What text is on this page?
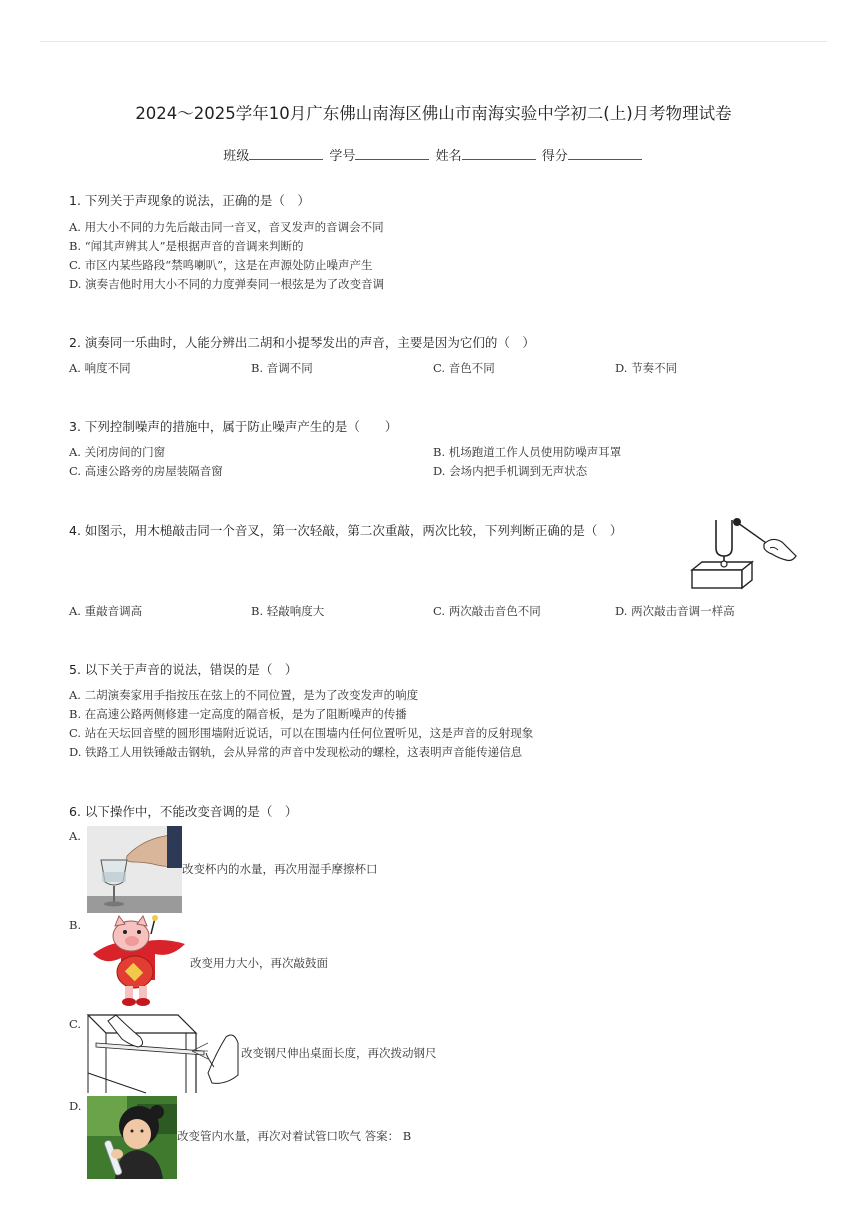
2024～2025学年10月广东佛山南海区佛山市南海实验中学初二(上)月考物理试卷
班级	学号	姓名	得分
1. 下列关于声现象的说法，正确的是（　）
A. 用大小不同的力先后敲击同一音叉，音叉发声的音调会不同
B. “闻其声辨其人”是根据声音的音调来判断的
C. 市区内某些路段“禁鸣喇叭”，这是在声源处防止噪声产生
D. 演奏吉他时用大小不同的力度弹奏同一根弦是为了改变音调
2. 演奏同一乐曲时，人能分辨出二胡和小提琴发出的声音，主要是因为它们的（　）
A. 响度不同	B. 音调不同	C. 音色不同	D. 节奏不同
3. 下列控制噪声的措施中，属于防止噪声产生的是（　　）
A. 关闭房间的门窗	B. 机场跑道工作人员使用防噪声耳罩
C. 高速公路旁的房屋装隔音窗	D. 会场内把手机调到无声状态
4. 如图示，用木槌敲击同一个音叉，第一次轻敲，第二次重敲，两次比较，下列判断正确的是（　）
A. 重敲音调高	B. 轻敲响度大	C. 两次敲击音色不同	D. 两次敲击音调一样高
5. 以下关于声音的说法，错误的是（　）
A. 二胡演奏家用手指按压在弦上的不同位置，是为了改变发声的响度
B. 在高速公路两侧修建一定高度的隔音板，是为了阻断噪声的传播
C. 站在天坛回音壁的圆形围墙附近说话，可以在围墙内任何位置听见，这是声音的反射现象
D. 铁路工人用铁锤敲击钢轨，会从异常的声音中发现松动的螺栓，这表明声音能传递信息
6. 以下操作中，不能改变音调的是（　）
A.
改变杯内的水量，再次用湿手摩擦杯口
B.
改变用力大小，再次敲鼓面
C.
改变钢尺伸出桌面长度，再次拨动钢尺
D.
改变管内水量，再次对着试管口吹气 答案： B
